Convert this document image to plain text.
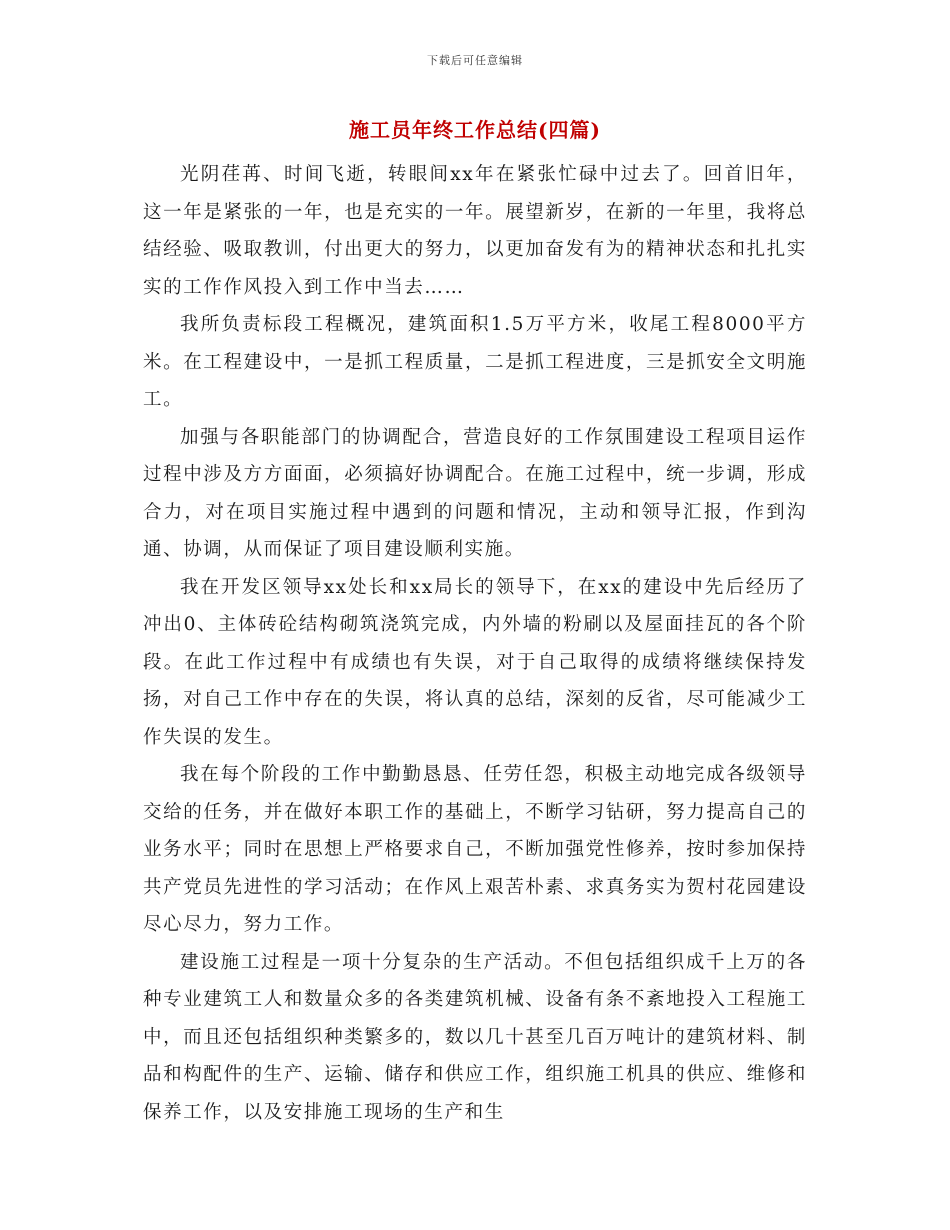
下载后可任意编辑
施工员年终工作总结(四篇)

光阴荏苒、时间飞逝，转眼间xx年在紧张忙碌中过去了。回首旧年，这一年是紧张的一年，也是充实的一年。展望新岁，在新的一年里，我将总结经验、吸取教训，付出更大的努力，以更加奋发有为的精神状态和扎扎实实的工作作风投入到工作中当去……

我所负责标段工程概况，建筑面积1.5万平方米，收尾工程8000平方米。在工程建设中，一是抓工程质量，二是抓工程进度，三是抓安全文明施工。

加强与各职能部门的协调配合，营造良好的工作氛围建设工程项目运作过程中涉及方方面面，必须搞好协调配合。在施工过程中，统一步调，形成合力，对在项目实施过程中遇到的问题和情况，主动和领导汇报，作到沟通、协调，从而保证了项目建设顺利实施。

我在开发区领导xx处长和xx局长的领导下，在xx的建设中先后经历了冲出0、主体砖砼结构砌筑浇筑完成，内外墙的粉刷以及屋面挂瓦的各个阶段。在此工作过程中有成绩也有失误，对于自己取得的成绩将继续保持发扬，对自己工作中存在的失误，将认真的总结，深刻的反省，尽可能减少工作失误的发生。

我在每个阶段的工作中勤勤恳恳、任劳任怨，积极主动地完成各级领导交给的任务，并在做好本职工作的基础上，不断学习钻研，努力提高自己的业务水平；同时在思想上严格要求自己，不断加强党性修养，按时参加保持共产党员先进性的学习活动；在作风上艰苦朴素、求真务实为贺村花园建设尽心尽力，努力工作。

建设施工过程是一项十分复杂的生产活动。不但包括组织成千上万的各种专业建筑工人和数量众多的各类建筑机械、设备有条不紊地投入工程施工中，而且还包括组织种类繁多的，数以几十甚至几百万吨计的建筑材料、制品和构配件的生产、运输、储存和供应工作，组织施工机具的供应、维修和保养工作，以及安排施工现场的生产和生
